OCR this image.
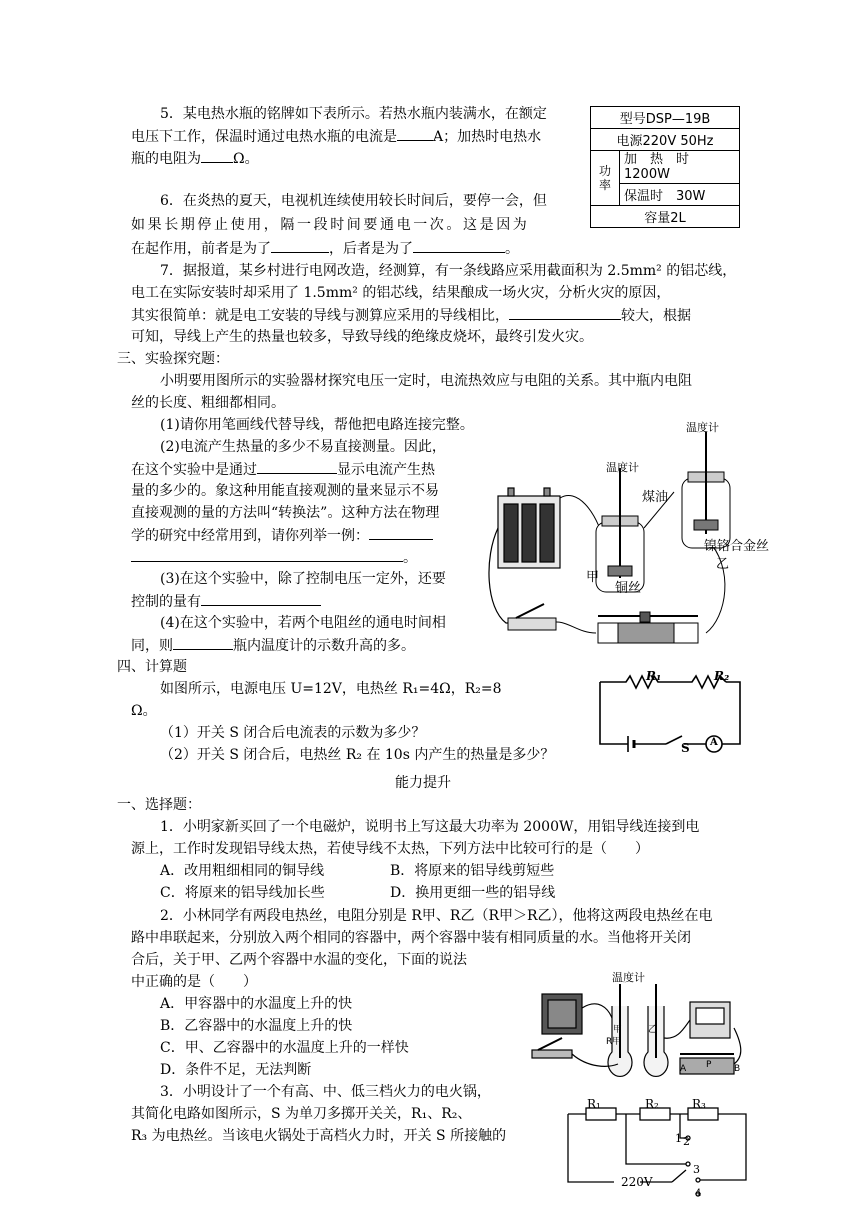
5．某电热水瓶的铭牌如下表所示。若热水瓶内装满水，在额定
电压下工作，保温时通过电热水瓶的电流是	A；加热时电热水
瓶的电阻为 Ω。
型号DSP—19B
电源220V 50Hz
功率	
加　热　时
1200W

保温时　30W
容量2L
6．在炎热的夏天，电视机连续使用较长时间后，要停一会，但
如果长期停止使用，隔一段时间要通电一次。这是因为
在起作用，前者是为了	，后者是为了	。
7．据报道，某乡村进行电网改造，经测算，有一条线路应采用截面积为 2.5mm² 的铝芯线，
电工在实际安装时却采用了 1.5mm² 的铝芯线，结果酿成一场火灾，分析火灾的原因，
其实很简单：就是电工安装的导线与测算应采用的导线相比，	较大，根据
可知，导线上产生的热量也较多，导致导线的绝缘皮烧坏，最终引发火灾。
三、实验探究题：
小明要用图所示的实验器材探究电压一定时，电流热效应与电阻的关系。其中瓶内电阻
丝的长度、粗细都相同。
(1)请你用笔画线代替导线，帮他把电路连接完整。
(2)电流产生热量的多少不易直接测量。因此，
在这个实验中是通过	显示电流产生热
量的多少的。象这种用能直接观测的量来显示不易
直接观测的量的方法叫“转换法”。这种方法在物理
学的研究中经常用到，请你列举一例：
。
(3)在这个实验中，除了控制电压一定外，还要
控制的量有
(4)在这个实验中，若两个电阻丝的通电时间相
同，则	瓶内温度计的示数升高的多。
温度计
温度计
煤油
镍铬合金丝
乙
甲
铜丝
四、计算题
如图所示，电源电压 U=12V，电热丝 R₁=4Ω，R₂=8
Ω。
（1）开关 S 闭合后电流表的示数为多少？
（2）开关 S 闭合后，电热丝 R₂ 在 10s 内产生的热量是多少？
R₁	R₂
S A
能力提升
一、选择题：
1．小明家新买回了一个电磁炉，说明书上写这最大功率为 2000W，用铝导线连接到电
源上，工作时发现铝导线太热，若使导线不太热，下列方法中比较可行的是（　　）
A．改用粗细相同的铜导线	B．将原来的铝导线剪短些
C．将原来的铝导线加长些	D．换用更细一些的铝导线
2．小林同学有两段电热丝，电阻分别是 R甲、R乙（R甲＞R乙），他将这两段电热丝在电
路中串联起来，分别放入两个相同的容器中，两个容器中装有相同质量的水。当他将开关闭
合后，关于甲、乙两个容器中水温的变化，下面的说法
中正确的是（　　）
A．甲容器中的水温度上升的快
B．乙容器中的水温度上升的快
C．甲、乙容器中的水温度上升的一样快
D．条件不足，无法判断
3．小明设计了一个有高、中、低三档火力的电火锅，
其简化电路如图所示，S 为单刀多掷开关关，R₁、R₂、
R₃ 为电热丝。当该电火锅处于高档火力时，开关 S 所接触的
温度计
R甲
甲	乙
A P	B
R₁	R₂	R₃
1 2
3
4
220V
